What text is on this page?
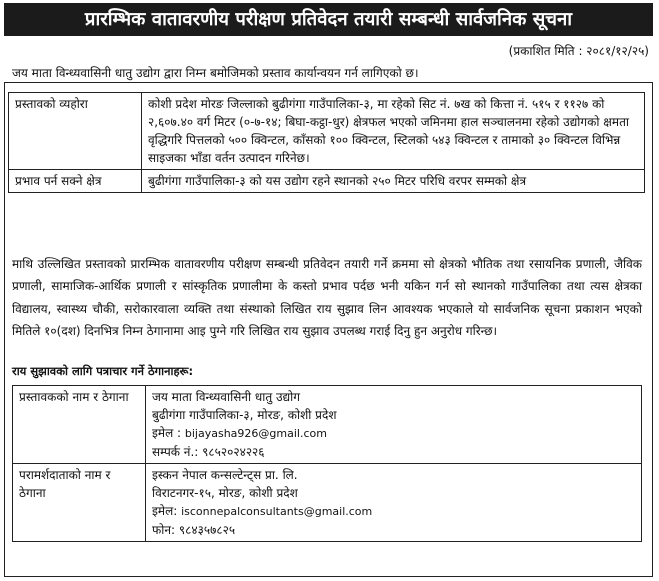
प्रारम्भिक वातावरणीय परीक्षण प्रतिवेदन तयारी सम्बन्धी सार्वजनिक सूचना
(प्रकाशित मिति : २०८१/१२/२५)
जय माता विन्ध्यवासिनी धातु उद्योग द्वारा निम्न बमोजिमको प्रस्ताव कार्यान्वयन गर्न लागिएको छ।
प्रस्तावको व्यहोरा	कोशी प्रदेश मोरङ जिल्लाको बुढीगंगा गाउँपालिका-३, मा रहेको सिट नं. ७ख को कित्ता नं. ५१५ र ११२७ को २,६०७.४० वर्ग मिटर (०-७-१४; बिघा-कट्ठा-धुर) क्षेत्रफल भएको जमिनमा हाल सञ्चालनमा रहेको उद्योगको क्षमता वृद्धिगरि पित्तलको ५०० क्विन्टल, काँसको १०० क्विन्टल, स्टिलको ५४३ क्विन्टल र तामाको ३० क्विन्टल विभिन्न साइजका भाँडा वर्तन उत्पादन गरिनेछ।
प्रभाव पर्न सक्ने क्षेत्र	बुढीगंगा गाउँपालिका-३ को यस उद्योग रहने स्थानको २५० मिटर परिधि वरपर सम्मको क्षेत्र
माथि उल्लिखित प्रस्तावको प्रारम्भिक वातावरणीय परीक्षण सम्बन्धी प्रतिवेदन तयारी गर्ने क्रममा सो क्षेत्रको भौतिक तथा रसायनिक प्रणाली, जैविक प्रणाली, सामाजिक-आर्थिक प्रणाली र सांस्कृतिक प्रणालीमा के कस्तो प्रभाव पर्दछ भनी यकिन गर्न सो स्थानको गाउँपालिका तथा त्यस क्षेत्रका विद्यालय, स्वास्थ्य चौकी, सरोकारवाला व्यक्ति तथा संस्थाको लिखित राय सुझाव लिन आवश्यक भएकाले यो सार्वजनिक सूचना प्रकाशन भएको मितिले १०(दश) दिनभित्र निम्न ठेगानामा आइ पुग्ने गरि लिखित राय सुझाव उपलब्ध गराई दिनु हुन अनुरोध गरिन्छ।
राय सुझावको लागि पत्राचार गर्ने ठेगानाहरू:
प्रस्तावकको नाम र ठेगाना	जय माता विन्ध्यवासिनी धातु उद्योग
बुढीगंगा गाउँपालिका-३, मोरङ, कोशी प्रदेश
इमेल : bijayasha926@gmail.com
सम्पर्क नं.: ९८५२०२४२२६

परामर्शदाताको नाम र ठेगाना	इस्कन नेपाल कन्सल्टेन्ट्स प्रा. लि.
विराटनगर-१५, मोरङ, कोशी प्रदेश
इमेल: isconnepalconsultants@gmail.com
फोन: ९८४३५७८२५
